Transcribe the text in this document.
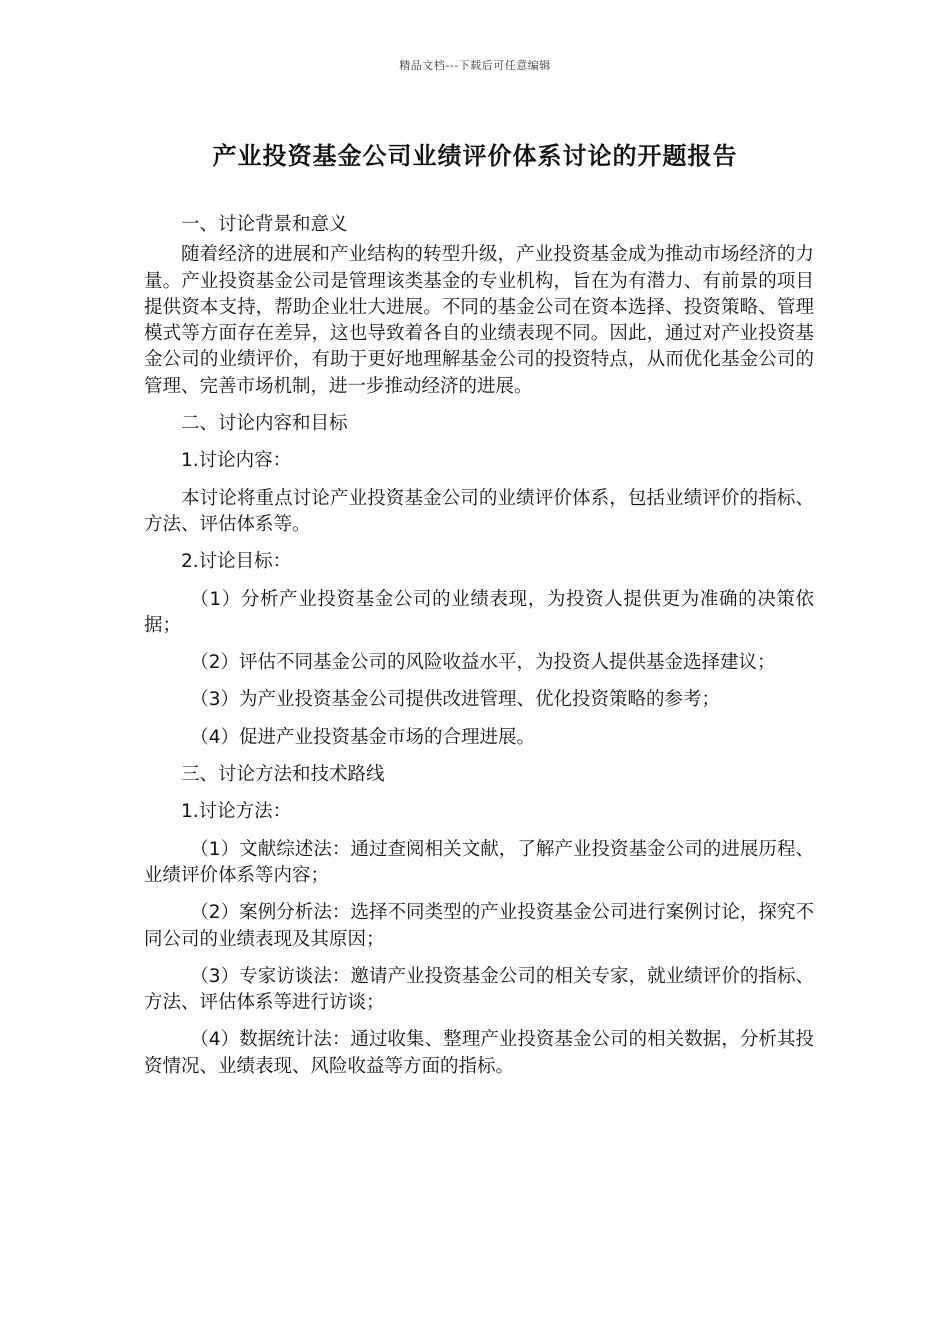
精品文档---下载后可任意编辑
产业投资基金公司业绩评价体系讨论的开题报告

一、讨论背景和意义

随着经济的进展和产业结构的转型升级，产业投资基金成为推动市场经济的力量。产业投资基金公司是管理该类基金的专业机构，旨在为有潜力、有前景的项目提供资本支持，帮助企业壮大进展。不同的基金公司在资本选择、投资策略、管理模式等方面存在差异，这也导致着各自的业绩表现不同。因此，通过对产业投资基金公司的业绩评价，有助于更好地理解基金公司的投资特点，从而优化基金公司的管理、完善市场机制，进一步推动经济的进展。

二、讨论内容和目标

1.讨论内容：

本讨论将重点讨论产业投资基金公司的业绩评价体系，包括业绩评价的指标、方法、评估体系等。

2.讨论目标：

（1）分析产业投资基金公司的业绩表现，为投资人提供更为准确的决策依据；

（2）评估不同基金公司的风险收益水平，为投资人提供基金选择建议；

（3）为产业投资基金公司提供改进管理、优化投资策略的参考；

（4）促进产业投资基金市场的合理进展。

三、讨论方法和技术路线

1.讨论方法：

（1）文献综述法：通过查阅相关文献，了解产业投资基金公司的进展历程、业绩评价体系等内容；

（2）案例分析法：选择不同类型的产业投资基金公司进行案例讨论，探究不同公司的业绩表现及其原因；

（3）专家访谈法：邀请产业投资基金公司的相关专家，就业绩评价的指标、方法、评估体系等进行访谈；

（4）数据统计法：通过收集、整理产业投资基金公司的相关数据，分析其投资情况、业绩表现、风险收益等方面的指标。
